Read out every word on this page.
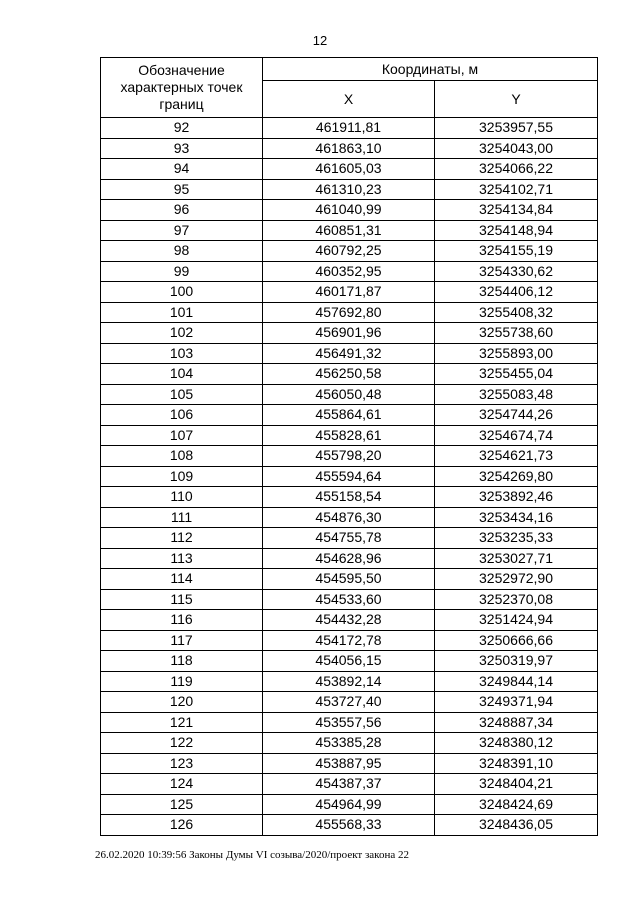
12
Обозначение характерных точек границ	Координаты, м	
	X	Y
92	461911,81	3253957,55
93	461863,10	3254043,00
94	461605,03	3254066,22
95	461310,23	3254102,71
96	461040,99	3254134,84
97	460851,31	3254148,94
98	460792,25	3254155,19
99	460352,95	3254330,62
100	460171,87	3254406,12
101	457692,80	3255408,32
102	456901,96	3255738,60
103	456491,32	3255893,00
104	456250,58	3255455,04
105	456050,48	3255083,48
106	455864,61	3254744,26
107	455828,61	3254674,74
108	455798,20	3254621,73
109	455594,64	3254269,80
110	455158,54	3253892,46
111	454876,30	3253434,16
112	454755,78	3253235,33
113	454628,96	3253027,71
114	454595,50	3252972,90
115	454533,60	3252370,08
116	454432,28	3251424,94
117	454172,78	3250666,66
118	454056,15	3250319,97
119	453892,14	3249844,14
120	453727,40	3249371,94
121	453557,56	3248887,34
122	453385,28	3248380,12
123	453887,95	3248391,10
124	454387,37	3248404,21
125	454964,99	3248424,69
126	455568,33	3248436,05
26.02.2020 10:39:56 Законы Думы VI созыва/2020/проект закона 22
